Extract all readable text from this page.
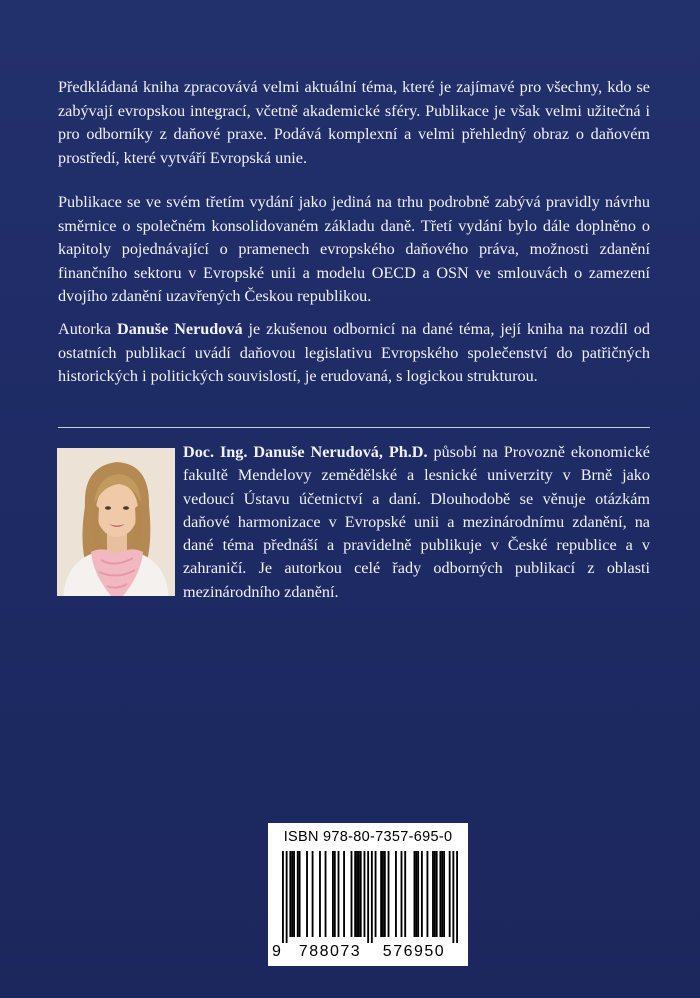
Předkládaná kniha zpracovává velmi aktuální téma, které je zajímavé pro všechny, kdo se zabývají evropskou integrací, včetně akademické sféry. Publikace je však velmi užitečná i pro odborníky z daňové praxe. Podává komplexní a velmi přehledný obraz o daňovém prostředí, které vytváří Evropská unie.

Publikace se ve svém třetím vydání jako jediná na trhu podrobně zabývá pravidly návrhu směrnice o společném konsolidovaném základu daně. Třetí vydání bylo dále doplněno o kapitoly pojednávající o pramenech evropského daňového práva, možnosti zdanění finančního sektoru v Evropské unii a modelu OECD a OSN ve smlouvách o zamezení dvojího zdanění uzavřených Českou republikou.

Autorka Danuše Nerudová je zkušenou odbornicí na dané téma, její kniha na rozdíl od ostatních publikací uvádí daňovou legislativu Evropského společenství do patřičných historických i politických souvislostí, je erudovaná, s logickou strukturou.

Doc. Ing. Danuše Nerudová, Ph.D. působí na Provozně ekonomické fakultě Mendelovy zemědělské a lesnické univerzity v Brně jako vedoucí Ústavu účetnictví a daní. Dlouhodobě se věnuje otázkám daňové harmonizace v Evropské unii a mezinárodnímu zdanění, na dané téma přednáší a pravidelně publikuje v České republice a v zahraničí. Je autorkou celé řady odborných publikací z oblasti mezinárodního zdanění.

ISBN 978-80-7357-695-0
9	788073	576950
